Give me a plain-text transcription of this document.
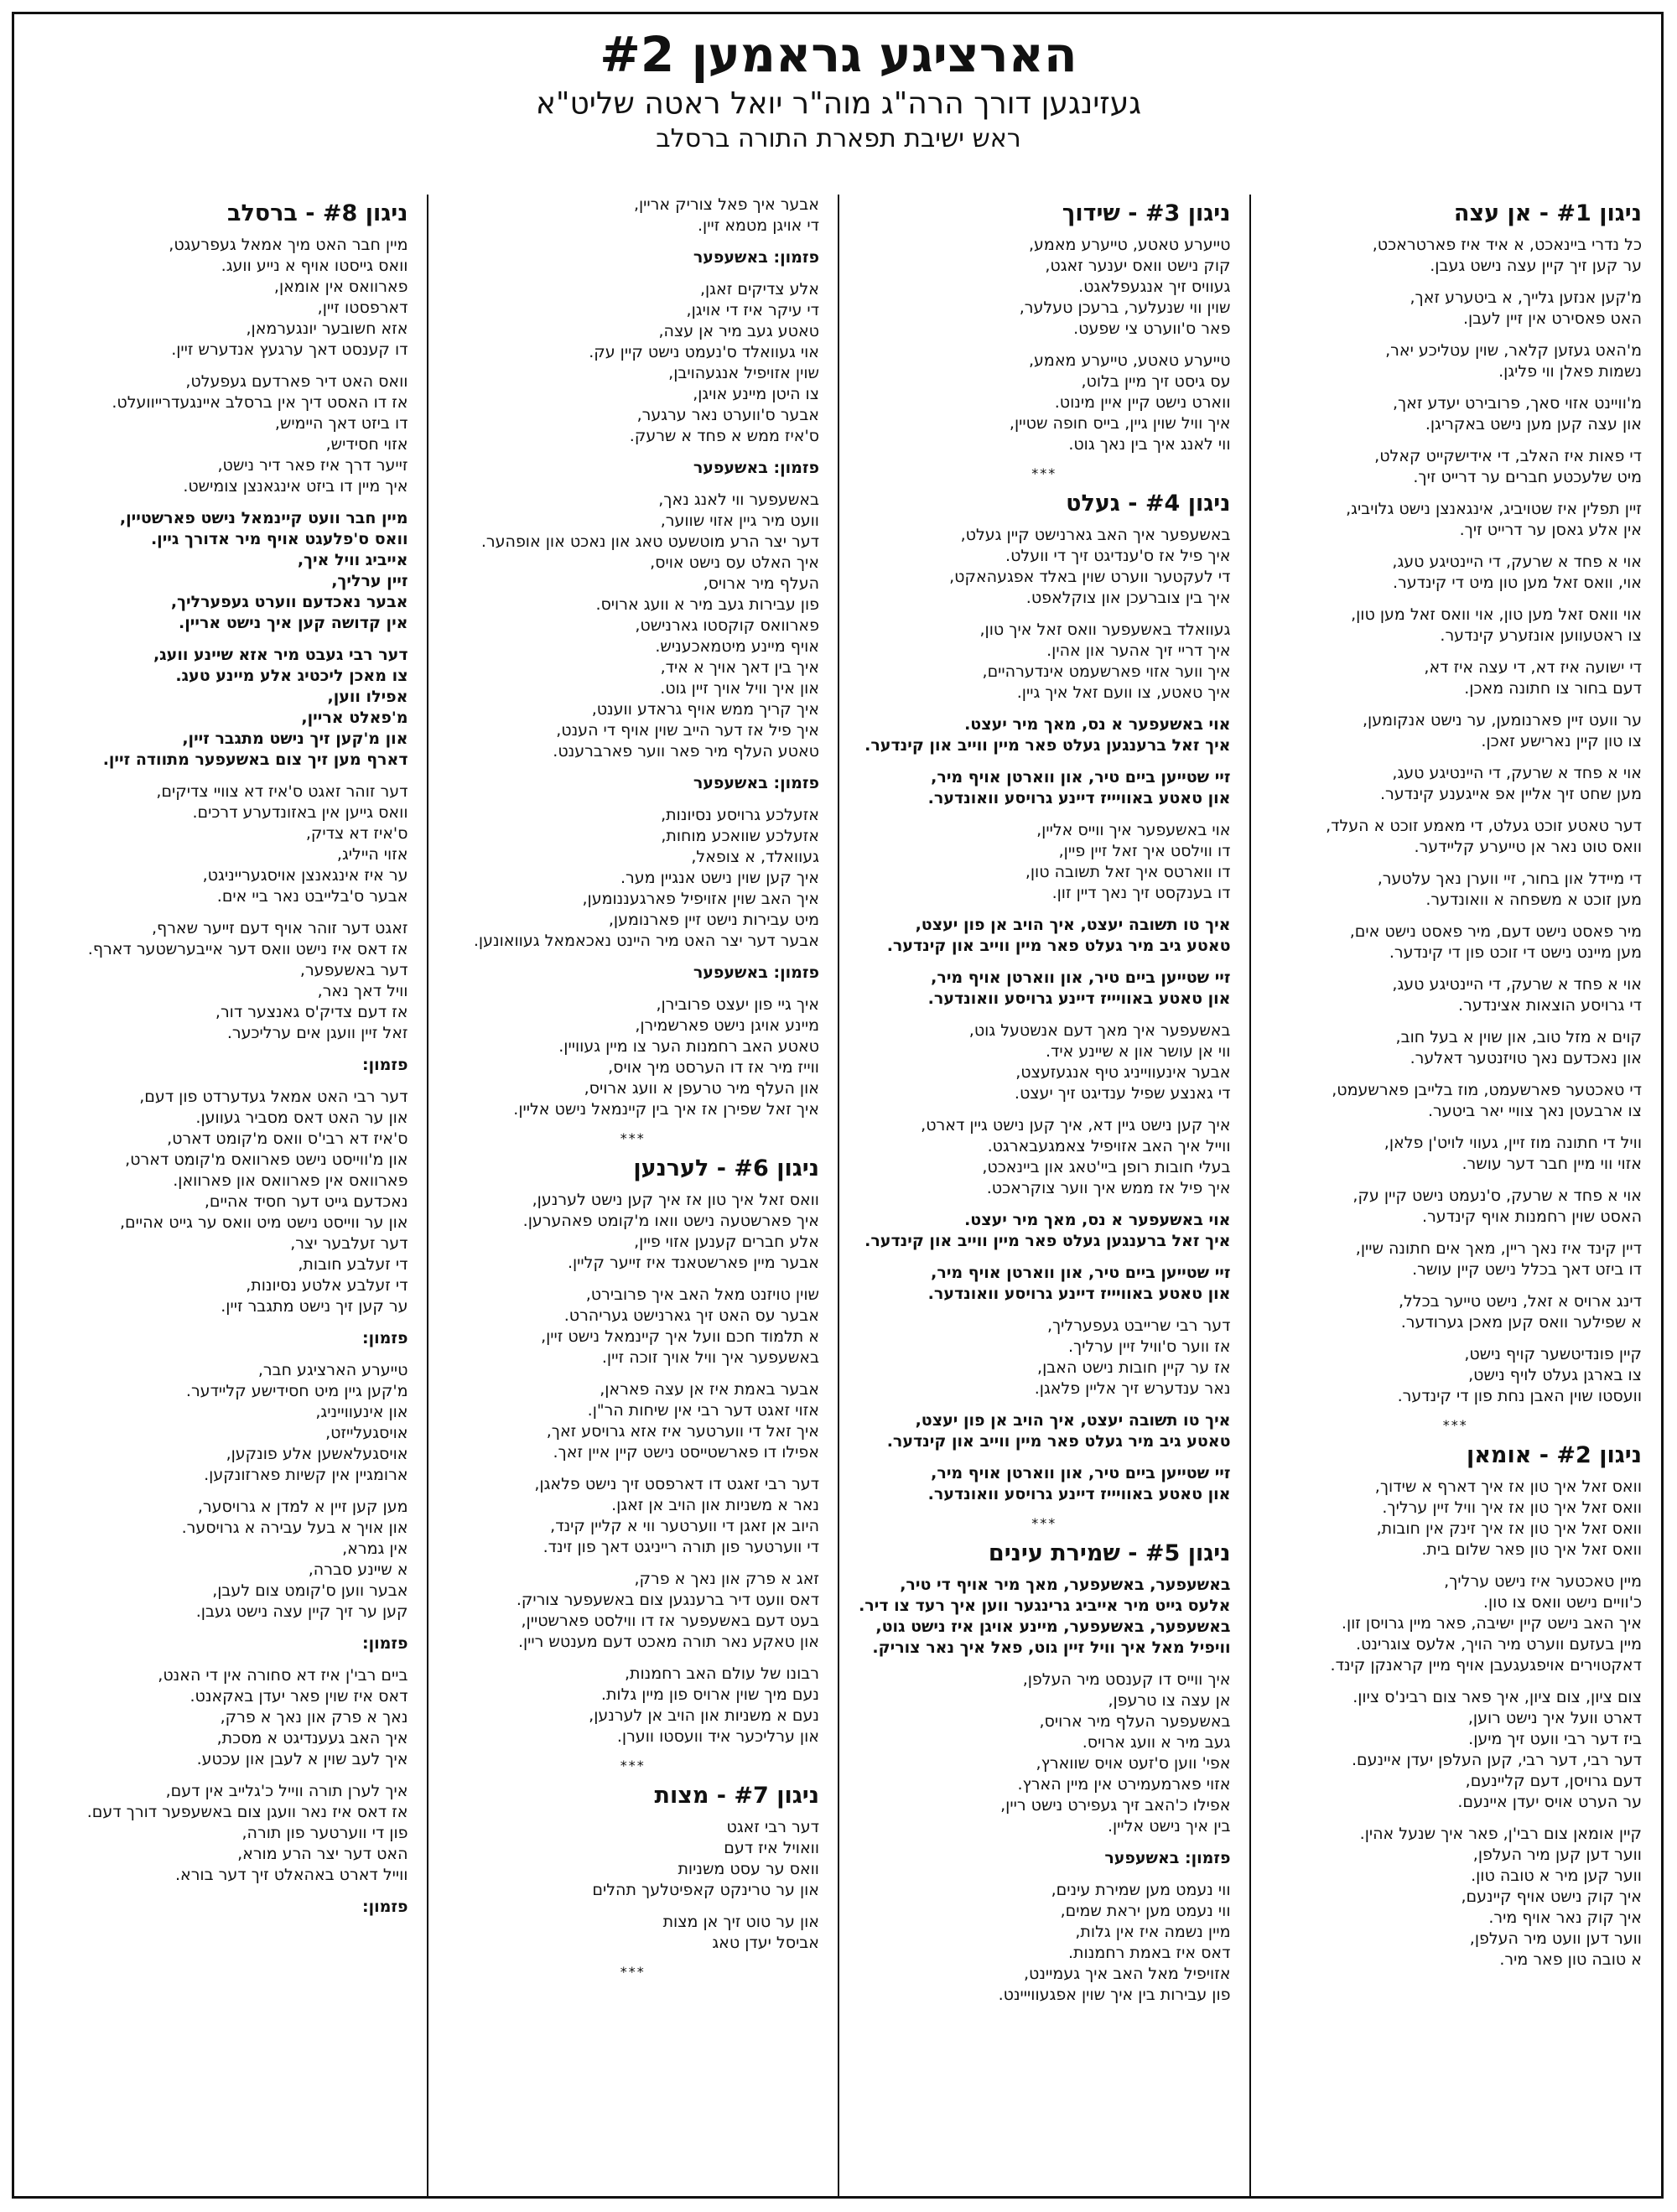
הארציגע גראמען #2
געזינגען דורך הרה"ג מוה"ר יואל ראטה שליט"א
ראש ישיבת תפארת התורה ברסלב
ניגון #1 - אן עצה
כל נדרי ביינאכט, א איד איז פארטראכט,
ער קען זיך קיין עצה נישט געבן.
מ'קען אנזען גלייך, א ביטערע זאך,
האט פאסירט אין זיין לעבן.
מ'האט געזען קלאר, שוין עטליכע יאר,
נשמות פאלן ווי פליגן.
מ'וויינט אזוי סאך, פרובירט יעדע זאך,
און עצה קען מען נישט באקריגן.
די פאות איז האלב, די אידישקייט קאלט,
מיט שלעכטע חברים ער דרייט זיך.
זיין תפלין איז שטויביג, אינגאנצן נישט גלויביג,
אין אלע גאסן ער דרייט זיך.
אוי א פחד א שרעק, די היינטיגע טעג,
אוי, וואס זאל מען טון מיט די קינדער.
אוי וואס זאל מען טון, אוי וואס זאל מען טון,
צו ראטעווען אונזערע קינדער.
די ישועה איז דא, די עצה איז דא,
דעם בחור צו חתונה מאכן.
ער וועט זיין פארנומען, ער נישט אנקומען,
צו טון קיין נארישע זאכן.
אוי א פחד א שרעק, די היינטיגע טעג,
מען שחט זיך אליין אפ אייגענע קינדער.
דער טאטע זוכט געלט, די מאמע זוכט א העלד,
וואס טוט נאר אן טייערע קליידער.
די מיידל און בחור, זיי ווערן נאך עלטער,
מען זוכט א משפחה א וואונדער.
מיר פאסט נישט דעם, מיר פאסט נישט אים,
מען מיינט נישט די זוכט פון די קינדער.
אוי א פחד א שרעק, די היינטיגע טעג,
די גרויסע הוצאות אצינדער.
קוים א מזל טוב, און שוין א בעל חוב,
און נאכדעם נאך טויזנטער דאלער.
די טאכטער פארשעמט, מוז בלייבן פארשעמט,
צו ארבעטן נאך צוויי יאר ביטער.
וויל די חתונה מוז זיין, געווי לויט'ן פלאן,
אזוי ווי מיין חבר דער עושר.
אוי א פחד א שרעק, ס'נעמט נישט קיין עק,
האסט שוין רחמנות אויף קינדער.
דיין קינד איז נאך ריין, מאך אים חתונה שיין,
דו ביזט דאך בכלל נישט קיין עושר.
דינג ארויס א זאל, נישט טייער בכלל,
א שפילער וואס קען מאכן גערודער.
קיין פונדיטשער קויף נישט,
צו בארגן געלט לויף נישט,
וועסטו שוין האבן נחת פון די קינדער.
***
ניגון #2 - אומאן
וואס זאל איך טון אז איך דארף א שידוך,
וואס זאל איך טון אז איך וויל זיין ערליך.
וואס זאל איך טון אז איך זינק אין חובות,
וואס זאל איך טון פאר שלום בית.
מיין טאכטער איז נישט ערליך,
כ'וויים נישט וואס צו טון.
איך האב נישט קיין ישיבה, פאר מיין גרויסן זון.
מיין בעזעם ווערט מיר הויך, אלעס צוגרינט.
דאקטוירים אויפגעגעבן אויף מיין קראנקן קינד.
צום ציון, צום ציון, איך פאר צום רבינ'ס ציון.
דארט וועל איך נישט רוען,
ביז דער רבי וועט זיך מיען.
דער רבי, דער רבי, קען העלפן יעדן איינעם.
דעם גרויסן, דעם קליינעם,
ער הערט אויס יעדן איינעם.
קיין אומאן צום רבי'ן, פאר איך שנעל אהין.
ווער דען קען מיר העלפן,
ווער קען מיר א טובה טון.
איך קוק נישט אויף קיינעם,
איך קוק נאר אויף מיר.
ווער דען וועט מיר העלפן,
א טובה טון פאר מיר.
ניגון #3 - שידוך
טייערע טאטע, טייערע מאמע,
קוק נישט וואס יענער זאגט,
געוויס זיך אנגעפלאגט.
שוין ווי שנעלער, ברעכן טעלער,
פאר ס'ווערט צי שפעט.
טייערע טאטע, טייערע מאמע,
עס גיסט זיך מיין בלוט,
ווארט נישט קיין איין מינוט.
איך וויל שוין גיין, בייס חופה שטיין,
ווי לאנג איך בין נאך גוט.
***
ניגון #4 - געלט
באשעפער איך האב גארנישט קיין געלט,
איך פיל אז ס'ענדיגט זיך די וועלט.
די לעקטער ווערט שוין באלד אפגעהאקט,
איך בין צוברעכן און צוקלאפט.
געוואלד באשעפער וואס זאל איך טון,
איך דריי זיך אהער און אהין.
איך ווער אזוי פארשעמט אינדערהיים,
איך טאטע, צו וועם זאל איך גיין.
אוי באשעפער א נס, מאך מיר יעצט.
איך זאל ברענגען געלט פאר מיין ווייב און קינדער.
זיי שטייען ביים טיר, און ווארטן אויף מיר,
און טאטע באוויייז דיינע גרויסע וואונדער.
אוי באשעפער איך ווייס אליין,
דו ווילסט איך זאל זיין פיין,
דו ווארטס איך זאל תשובה טון,
דו בענקסט זיך נאך דיין זון.
איך טו תשובה יעצט, איך הויב אן פון יעצט,
טאטע גיב מיר געלט פאר מיין ווייב און קינדער.
זיי שטייען ביים טיר, און ווארטן אויף מיר,
און טאטע באוויייז דיינע גרויסע וואונדער.
באשעפער איך מאך דעם אנשטעל גוט,
ווי אן עושר און א שיינע איד.
אבער אינעווייניג טיף אנגעזעצט,
די גאנצע שפיל ענדיגט זיך יעצט.
איך קען נישט גיין דא, איך קען נישט גיין דארט,
ווייל איך האב אזויפיל צאמגעבארגט.
בעלי חובות רופן ביי'טאג און ביינאכט,
איך פיל אז ממש איך ווער צוקראכט.
אוי באשעפער א נס, מאך מיר יעצט.
איך זאל ברענגען געלט פאר מיין ווייב און קינדער.
זיי שטייען ביים טיר, און ווארטן אויף מיר,
און טאטע באוויייז דיינע גרויסע וואונדער.
דער רבי שרייבט געפערליך,
אז ווער ס'וויל זיין ערליך.
אז ער קיין חובות נישט האבן,
נאר ענדערש זיך אליין פלאגן.
איך טו תשובה יעצט, איך הויב אן פון יעצט,
טאטע גיב מיר געלט פאר מיין ווייב און קינדער.
זיי שטייען ביים טיר, און ווארטן אויף מיר,
און טאטע באוויייז דיינע גרויסע וואונדער.
***
ניגון #5 - שמירת עינים
באשעפער, באשעפער, מאך מיר אויף די טיר,
אלעס גייט מיר אייביג גרינגער ווען איך רעד צו דיר.
באשעפער, באשעפער, מיינע אויגן איז נישט גוט,
וויפיל מאל איך וויל זיין גוט, פאל איך נאר צוריק.
איך ווייס דו קענסט מיר העלפן,
אן עצה צו טרעפן,
באשעפער העלף מיר ארויס,
געב מיר א וועג ארויס.
אפי' ווען ס'זעט אויס שווארץ,
אזוי פארמעמירט אין מיין הארץ.
אפילו כ'האב זיך געפירט נישט ריין,
בין איך נישט אליין.
פזמון: באשעפער
ווי נעמט מען שמירת עינים,
ווי נעמט מען יראת שמים,
מיין נשמה איז אין גלות,
דאס איז באמת רחמנות.
אזויפיל מאל האב איך געמיינט,
פון עבירות בין איך שוין אפגעווייינט.
אבער איך פאל צוריק אריין,
די אויגן מטמא זיין.
פזמון: באשעפער
אלע צדיקים זאגן,
די עיקר איז די אויגן,
טאטע געב מיר אן עצה,
אוי געוואלד ס'נעמט נישט קיין עק.
שוין אזויפיל אנגעהויבן,
צו היטן מיינע אויגן,
אבער ס'ווערט נאר ערגער,
ס'איז ממש א פחד א שרעק.
פזמון: באשעפער
באשעפער ווי לאנג נאך,
וועט מיר גיין אזוי שווער,
דער יצר הרע מוטשעט טאג און נאכט און אופהער.
איך האלט עס נישט אויס,
העלף מיר ארויס,
פון עבירות געב מיר א וועג ארויס.
פארוואס קוקסטו גארנישט,
אויף מיינע מיטמאכעניש.
איך בין דאך אויך א איד,
און איך וויל אויך זיין גוט.
איך קריך ממש אויף גראדע ווענט,
איך פיל אז דער הייב שוין אויף די הענט,
טאטע העלף מיר פאר ווער פארברענט.
פזמון: באשעפער
אזעלכע גרויסע נסיונות,
אזעלכע שוואכע מוחות,
געוואלד, א צופאל,
איך קען שוין נישט אנגיין מער.
איך האב שוין אזויפיל פארגעננומען,
מיט עבירות נישט זיין פארנומען,
אבער דער יצר האט מיר היינט נאכאמאל געוואונען.
פזמון: באשעפער
איך גיי פון יעצט פרובירן,
מיינע אויגן נישט פארשמירן,
טאטע האב רחמנות הער צו מיין געוויין.
ווייז מיר אז דו הערסט מיך אויס,
און העלף מיר טרעפן א וועג ארויס,
איך זאל שפירן אז איך בין קיינמאל נישט אליין.
***
ניגון #6 - לערנען
וואס זאל איך טון אז איך קען נישט לערנען,
איך פארשטעה נישט וואו מ'קומט פאהערען.
אלע חברים קענען אזוי פיין,
אבער מיין פארשטאנד איז זייער קליין.
שוין טויזנט מאל האב איך פרובירט,
אבער עס האט זיך גארנישט געריהרט.
א תלמוד חכם וועל איך קיינמאל נישט זיין,
באשעפער איך וויל אויך זוכה זיין.
אבער באמת איז אן עצה פאראן,
אזוי זאגט דער רבי אין שיחות הר"ן.
איך זאל די ווערטער איז אזא גרויסע זאך,
אפילו דו פארשטייסט נישט קיין איין זאך.
דער רבי זאגט דו דארפסט זיך נישט פלאגן,
נאר א משניות און הויב אן זאגן.
היוב אן זאגן די ווערטער ווי א קליין קינד,
די ווערטער פון תורה רייניגט דאך פון זינד.
זאג א פרק און נאך א פרק,
דאס וועט דיר ברענגען צום באשעפער צוריק.
בעט דעם באשעפער אז דו ווילסט פארשטיין,
און טאקע נאר תורה מאכט דעם מענטש ריין.
רבונו של עולם האב רחמנות,
נעם מיך שוין ארויס פון מיין גלות.
נעם א משניות און הויב אן לערנען,
און ערליכער איד וועסטו ווערן.
***
ניגון #7 - מצות
דער רבי זאגט
וואויל איז דעם
וואס ער עסט משניות
און ער טרינקט קאפיטלעך תהלים
און ער טוט זיך אן מצות
אביסל יעדן טאג
***
ניגון #8 - ברסלב
מיין חבר האט מיך אמאל געפרעגט,
וואס גייסטו אויף א נייע וועג.
פארוואס אין אומאן,
דארפסטו זיין,
אזא חשובער יונגערמאן,
דו קענסט דאך ערגעץ אנדערש זיין.
וואס האט דיר פארדעם געפעלט,
אז דו האסט דיך אין ברסלב איינגעדרייוועלט.
דו ביזט דאך היימיש,
אזוי חסידיש,
זייער דרך איז פאר דיר נישט,
איך מיין דו ביזט אינגאנצן צומישט.
מיין חבר וועט קיינמאל נישט פארשטיין,
וואס ס'פלעגט אויף מיר אדורך גיין.
אייביג וויל איך,
זיין ערליך,
אבער נאכדעם ווערט געפערליך,
אין קדושה קען איך נישט אריין.
דער רבי געבט מיר אזא שיינע וועג,
צו מאכן ליכטיג אלע מיינע טעג.
אפילו ווען,
מ'פאלט אריין,
און מ'קען זיך נישט מתגבר זיין,
דארף מען זיך צום באשעפער מתוודה זיין.
דער זוהר זאגט ס'איז דא צוויי צדיקים,
וואס גייען אין באזונדערע דרכים.
ס'איז דא צדיק,
אזוי הייליג,
ער איז אינגאנצן אויסגערייניגט,
אבער ס'בלייבט נאר ביי אים.
זאגט דער זוהר אויף דעם זייער שארף,
אז דאס איז נישט וואס דער אייבערשטער דארף.
דער באשעפער,
וויל דאך נאר,
אז דעם צדיק'ס גאנצער דור,
זאל זיין וועגן אים ערליכער.
פזמון:
דער רבי האט אמאל געדערדט פון דעם,
און ער האט דאס מסביר געווען.
ס'איז דא רבי'ס וואס מ'קומט דארט,
און מ'ווייסט נישט פארוואס מ'קומט דארט,
פארוואס אין פארוואס און פארוואן.
נאכדעם גייט דער חסיד אהיים,
און ער ווייסט נישט מיט וואס ער גייט אהיים,
דער זעלבער יצר,
די זעלבע חובות,
די זעלבע אלטע נסיונות,
ער קען זיך נישט מתגבר זיין.
פזמון:
טייערע הארציגע חבר,
מ'קען גיין מיט חסידישע קליידער.
און אינעווייניג,
אויסגעלייזט,
אויסגעלאשען אלע פונקען,
ארומגיין אין קשיות פארזונקען.
מען קען זיין א למדן א גרויסער,
און אויך א בעל עבירה א גרויסער.
אין גמרא,
א שיינע סברה,
אבער ווען ס'קומט צום לעבן,
קען ער זיך קיין עצה נישט געבן.
פזמון:
ביים רבי'ן איז דא סחורה אין די האנט,
דאס איז שוין פאר יעדן באקאנט.
נאך א פרק און נאך א פרק,
איך האב געענדיגט א מסכת,
איך לעב שוין א לעבן און עכטע.
איך לערן תורה ווייל כ'גלייב אין דעם,
אז דאס איז נאר וועגן צום באשעפער דורך דעם.
פון די ווערטער פון תורה,
האט דער יצר הרע מורא,
ווייל דארט באהאלט זיך דער בורא.
פזמון:
